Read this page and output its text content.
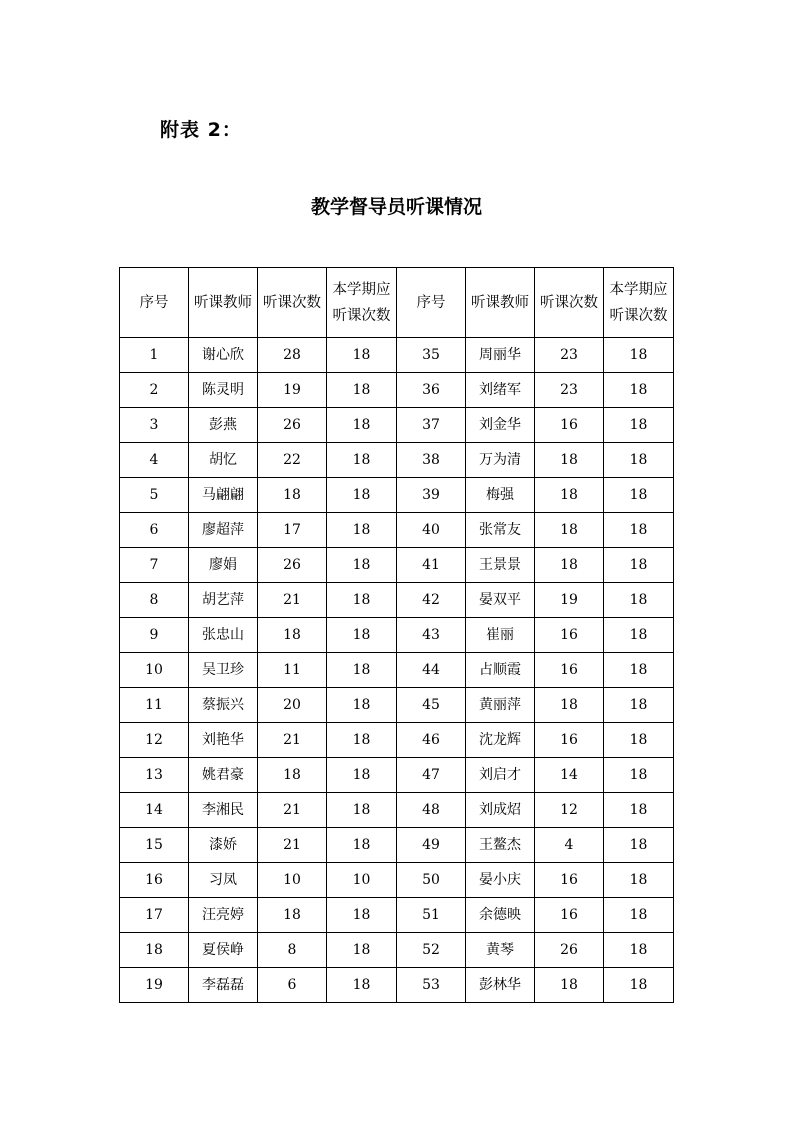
附表 2：

教学督导员听课情况
序号	听课教师	听课次数	本学期应听课次数	序号	听课教师	听课次数	本学期应听课次数
1	谢心欣	28	18	35	周丽华	23	18
2	陈灵明	19	18	36	刘绪军	23	18
3	彭燕	26	18	37	刘金华	16	18
4	胡忆	22	18	38	万为清	18	18
5	马翩翩	18	18	39	梅强	18	18
6	廖超萍	17	18	40	张常友	18	18
7	廖娟	26	18	41	王景景	18	18
8	胡艺萍	21	18	42	晏双平	19	18
9	张忠山	18	18	43	崔丽	16	18
10	吴卫珍	11	18	44	占顺霞	16	18
11	蔡振兴	20	18	45	黄丽萍	18	18
12	刘艳华	21	18	46	沈龙辉	16	18
13	姚君豪	18	18	47	刘启才	14	18
14	李湘民	21	18	48	刘成炤	12	18
15	漆娇	21	18	49	王鳌杰	4	18
16	习凤	10	10	50	晏小庆	16	18
17	汪亮婷	18	18	51	余德映	16	18
18	夏侯峥	8	18	52	黄琴	26	18
19	李磊磊	6	18	53	彭林华	18	18
